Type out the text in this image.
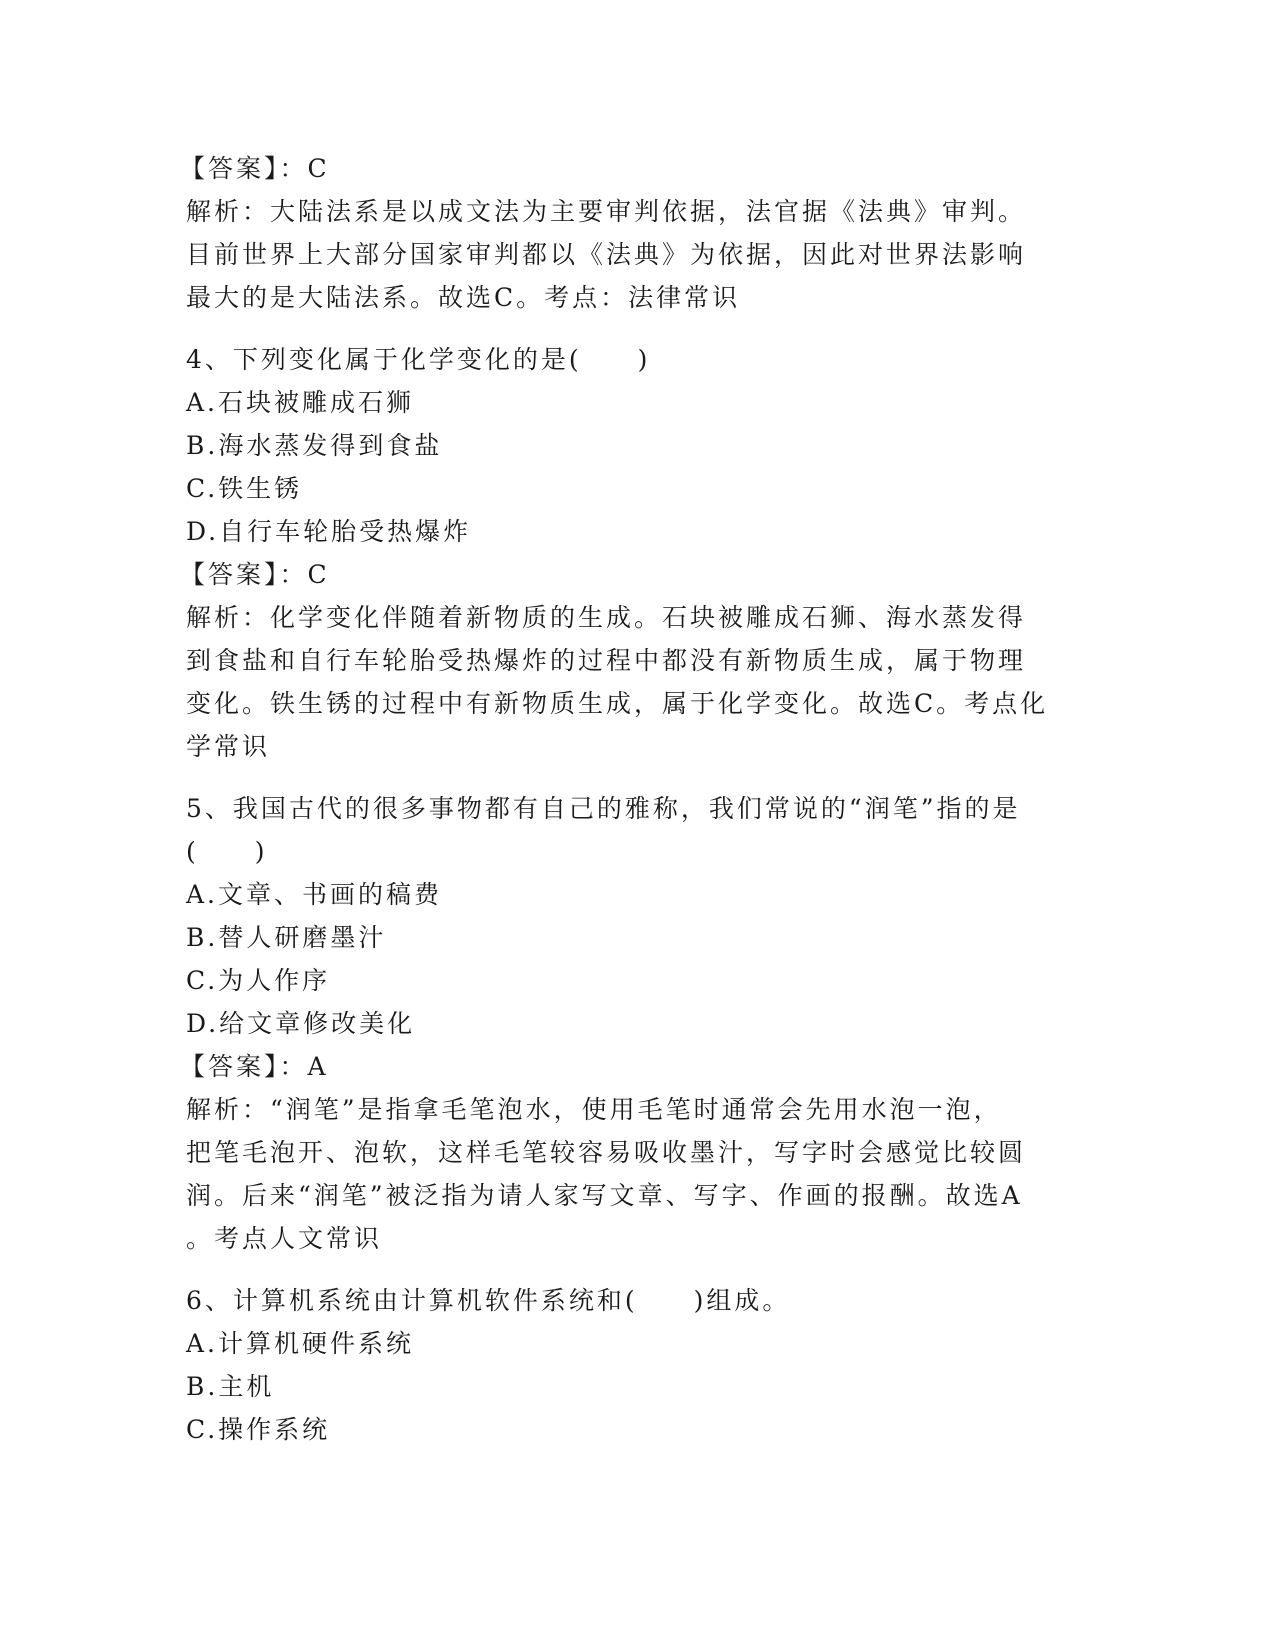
【答案】：C
解析：大陆法系是以成文法为主要审判依据，法官据《法典》审判。
目前世界上大部分国家审判都以《法典》为依据，因此对世界法影响
最大的是大陆法系。故选C。考点：法律常识
4、下列变化属于化学变化的是(　　)
A.石块被雕成石狮
B.海水蒸发得到食盐
C.铁生锈
D.自行车轮胎受热爆炸
【答案】：C
解析：化学变化伴随着新物质的生成。石块被雕成石狮、海水蒸发得
到食盐和自行车轮胎受热爆炸的过程中都没有新物质生成，属于物理
变化。铁生锈的过程中有新物质生成，属于化学变化。故选C。考点化
学常识
5、我国古代的很多事物都有自己的雅称，我们常说的“润笔”指的是
(　　)
A.文章、书画的稿费
B.替人研磨墨汁
C.为人作序
D.给文章修改美化
【答案】：A
解析：“润笔”是指拿毛笔泡水，使用毛笔时通常会先用水泡一泡，
把笔毛泡开、泡软，这样毛笔较容易吸收墨汁，写字时会感觉比较圆
润。后来“润笔”被泛指为请人家写文章、写字、作画的报酬。故选A
。考点人文常识
6、计算机系统由计算机软件系统和(　　)组成。
A.计算机硬件系统
B.主机
C.操作系统
